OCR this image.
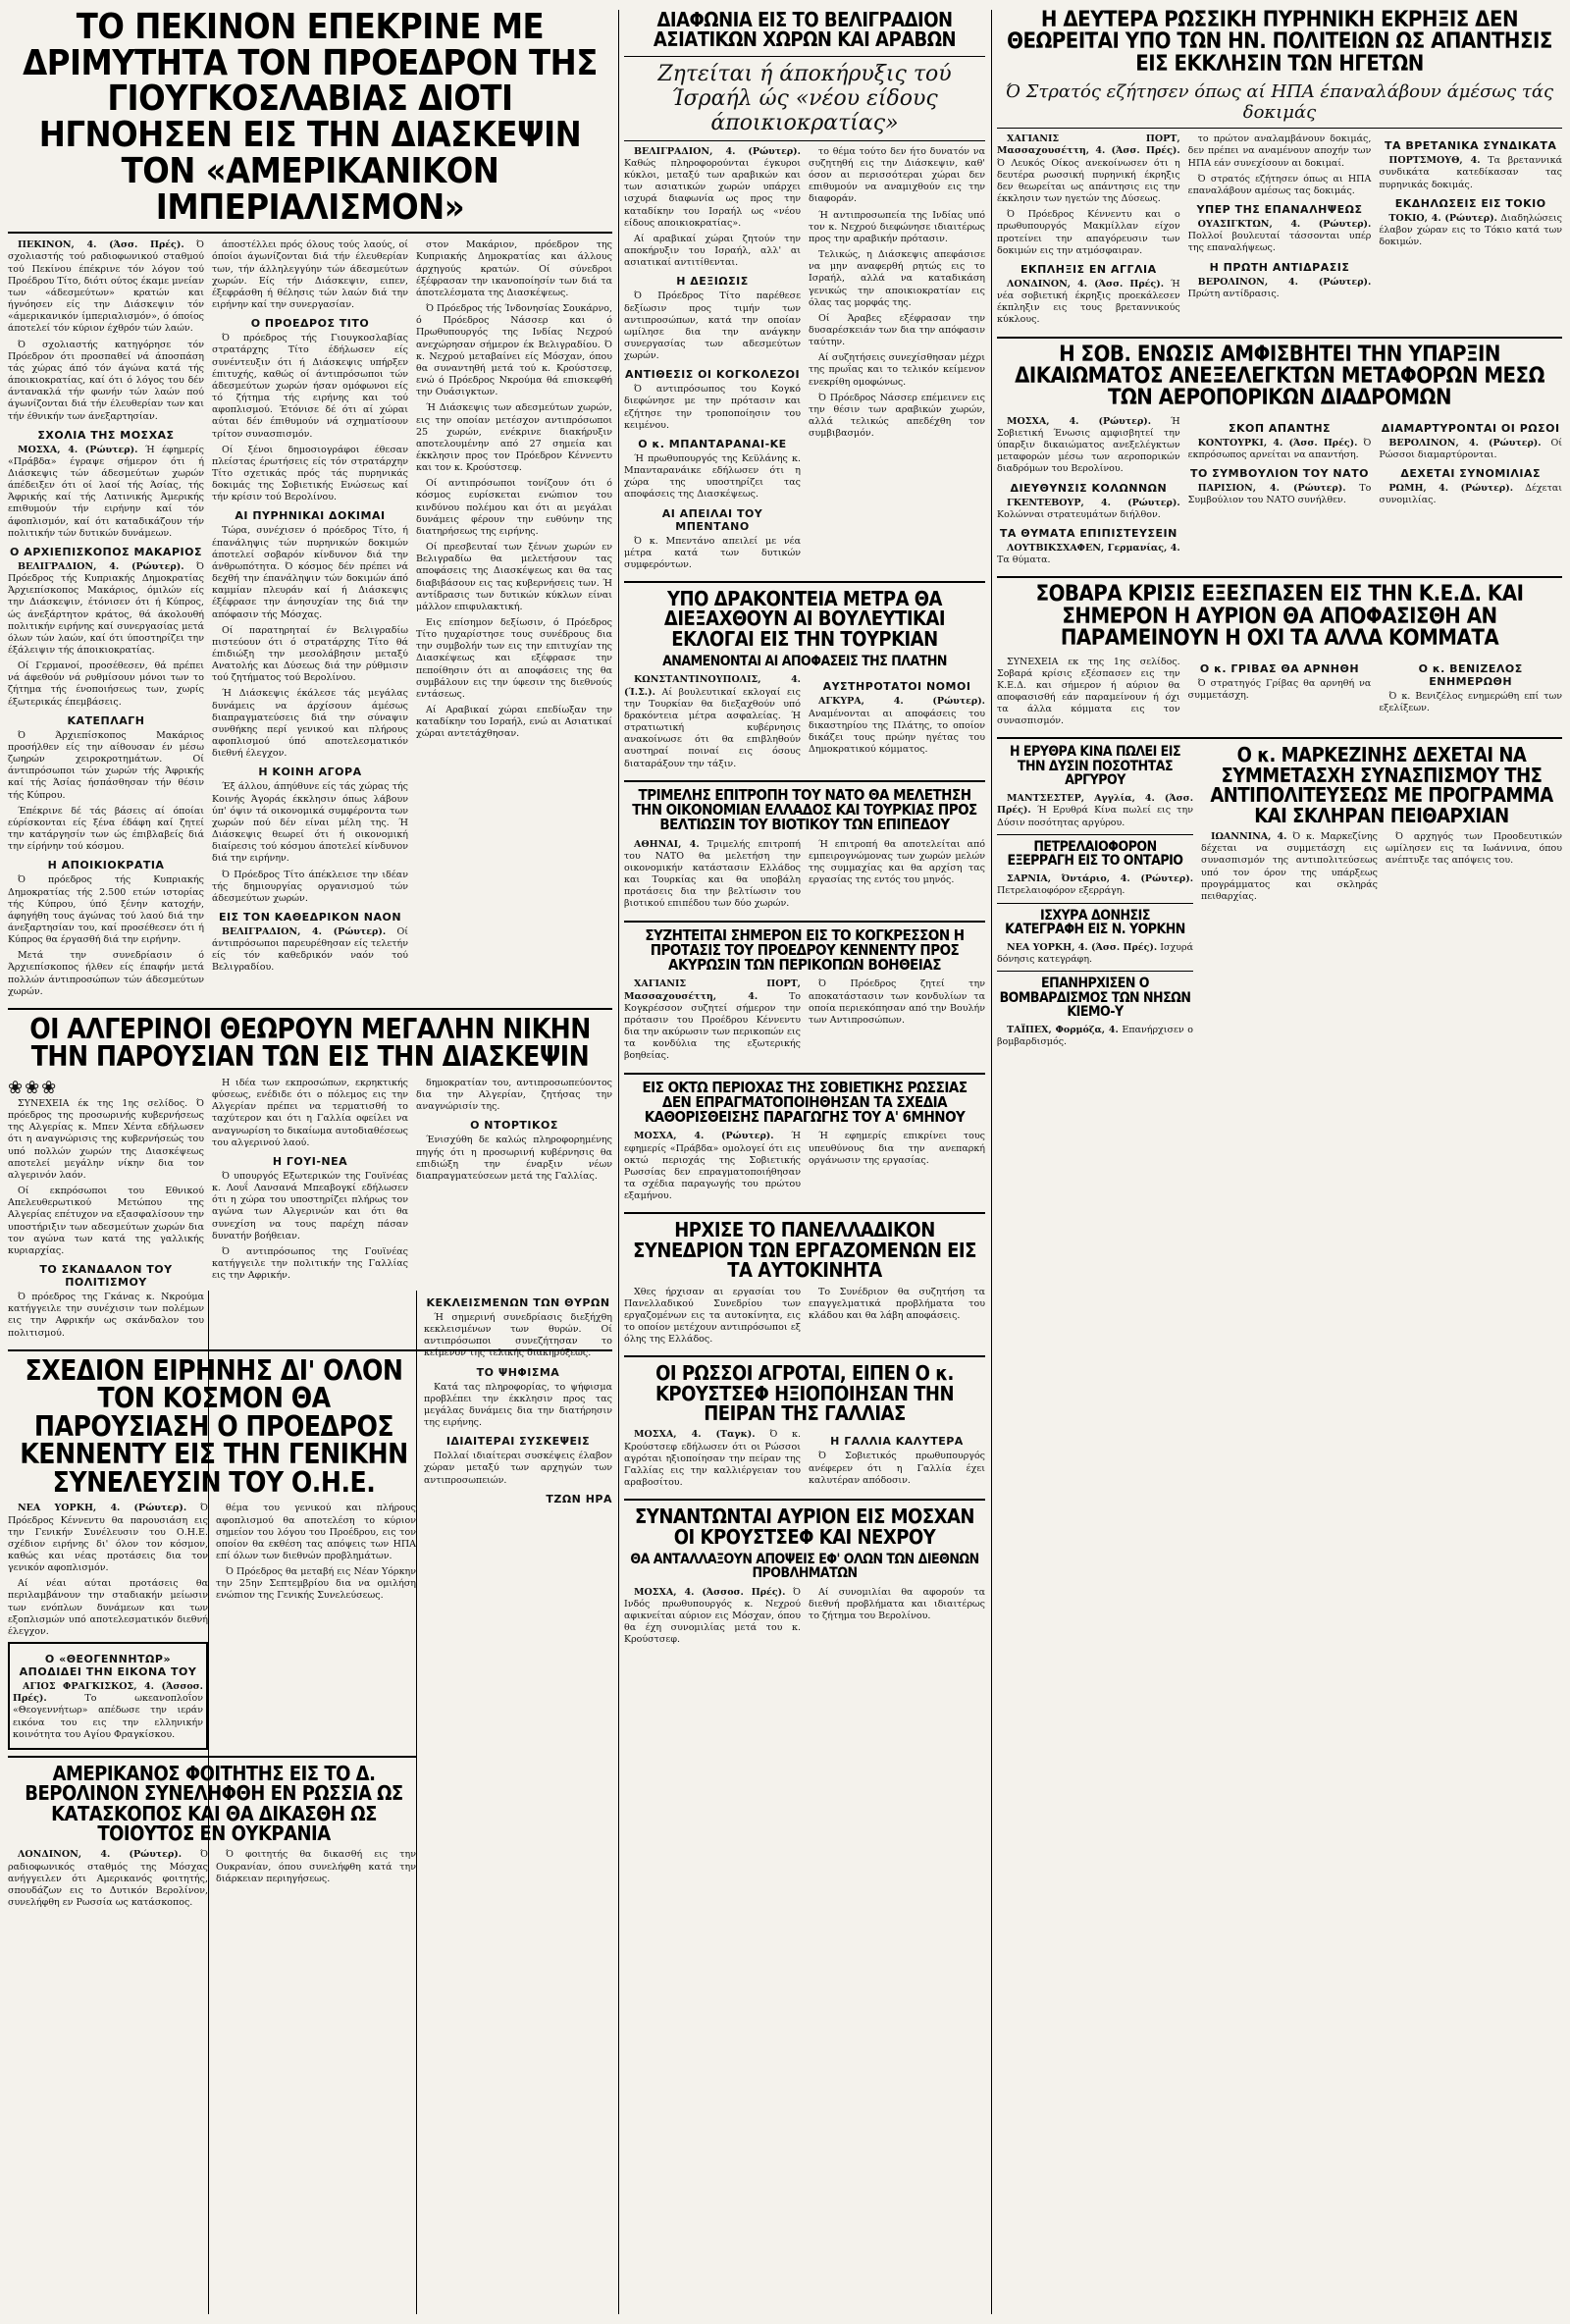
ΤΟ ΠΕΚΙΝΟΝ ΕΠΕΚΡΙΝΕ ΜΕ ΔΡΙΜΥΤΗΤΑ ΤΟΝ ΠΡΟΕΔΡΟΝ ΤΗΣ ΓΙΟΥΓΚΟΣΛΑΒΙΑΣ ΔΙΟΤΙ ΗΓΝΟΗΣΕΝ ΕΙΣ ΤΗΝ ΔΙΑΣΚΕΨΙΝ ΤΟΝ «ΑΜΕΡΙΚΑΝΙΚΟΝ ΙΜΠΕΡΙΑΛΙΣΜΟΝ»

ΠΕΚΙΝΟΝ, 4. (Άσσ. Πρές). Ό σχολιαστής τού ραδιοφωνικού σταθμού τού Πεκίνου έπέκρινε τόν λόγον τού Προέδρου Τίτο, διότι ούτος έκαμε μνείαν των «άδεσμεύτων» κρατών και ήγνόησεν είς την Διάσκεψιν τόν «άμερικανικόν ίμπεριαλισμόν», ό όποίος άποτελεί τόν κύριον έχθρόν τών λαών.

Ό σχολιαστής κατηγόρησε τόν Πρόεδρον ότι προσπαθεί νά άποσπάση τάς χώρας άπό τόν άγώνα κατά τής άποικιοκρατίας, καί ότι ό λόγος του δέν άντανακλά τήν φωνήν τών λαών πού άγωνίζονται διά τήν έλευθερίαν των και τήν έθνικήν των άνεξαρτησίαν.

ΣΧΟΛΙΑ ΤΗΣ ΜΟΣΧΑΣ

ΜΟΣΧΑ, 4. (Ρώυτερ). Ή έφημερίς «Πράβδα» έγραψε σήμερον ότι ή Διάσκεψις τών άδεσμεύτων χωρών άπέδειξεν ότι οί λαοί τής Άσίας, τής Άφρικής καί τής Λατινικής Άμερικής επιθυμούν τήν ειρήνην καί τόν άφοπλισμόν, καί ότι καταδικάζουν τήν πολιτικήν τών δυτικών δυνάμεων.

Ο ΑΡΧΙΕΠΙΣΚΟΠΟΣ ΜΑΚΑΡΙΟΣ

ΒΕΛΙΓΡΑΔΙΟΝ, 4. (Ρώυτερ). Ό Πρόεδρος τής Κυπριακής Δημοκρατίας Άρχιεπίσκοπος Μακάριος, όμιλών είς την Διάσκεψιν, έτόνισεν ότι ή Κύπρος, ώς άνεξάρτητον κράτος, θά άκολουθή πολιτικήν ειρήνης καί συνεργασίας μετά όλων τών λαών, καί ότι ύποστηρίζει την έξάλειψιν τής άποικιοκρατίας.

Οί Γερμανοί, προσέθεσεν, θά πρέπει νά άφεθούν νά ρυθμίσουν μόνοι των το ζήτημα τής ένοποιήσεως των, χωρίς έξωτερικάς έπεμβάσεις.

ΚΑΤΕΠΛΑΓΗ

Ό Άρχιεπίσκοπος Μακάριος προσήλθεν είς την αίθουσαν έν μέσω ζωηρών χειροκροτημάτων. Οί άντιπρόσωποι τών χωρών τής Άφρικής καί τής Άσίας ήσπάσθησαν τήν θέσιν τής Κύπρου.

Έπέκρινε δέ τάς βάσεις αί όποίαι εύρίσκονται είς ξένα έδάφη καί ζητεί την κατάργησίν των ώς έπιβλαβείς διά την είρήνην τού κόσμου.

Η ΑΠΟΙΚΙΟΚΡΑΤΙΑ

Ό πρόεδρος τής Κυπριακής Δημοκρατίας τής 2.500 ετών ιστορίας τής Κύπρου, ύπό ξένην κατοχήν, άφηγήθη τους άγώνας τού λαού διά την άνεξαρτησίαν του, καί προσέθεσεν ότι ή Κύπρος θα έργασθή διά την ειρήνην.

Μετά την συνεδρίασιν ό Άρχιεπίσκοπος ήλθεν είς έπαφήν μετά πολλών άντιπροσώπων τών άδεσμεύτων χωρών.

άποστέλλει πρός όλους τούς λαούς, οί όποίοι άγωνίζονται διά τήν έλευθερίαν των, τήν άλληλεγγύην τών άδεσμεύτων χωρών. Είς τήν Διάσκεψιν, ειπεν, έξεφράσθη ή θέλησις τών λαών διά την ειρήνην καί την συνεργασίαν.

Ο ΠΡΟΕΔΡΟΣ ΤΙΤΟ

Ό πρόεδρος τής Γιουγκοσλαβίας στρατάρχης Τίτο έδήλωσεν είς συνέντευξιν ότι ή Διάσκεψις υπήρξεν έπιτυχής, καθώς οί άντιπρόσωποι τών άδεσμεύτων χωρών ήσαν ομόφωνοι είς τό ζήτημα τής ειρήνης και τού αφοπλισμού. Έτόνισε δέ ότι αί χώραι αύται δέν έπιθυμούν νά σχηματίσουν τρίτον συνασπισμόν.

Οί ξένοι δημοσιογράφοι έθεσαν πλείστας έρωτήσεις είς τόν στρατάρχην Τίτο σχετικάς πρός τάς πυρηνικάς δοκιμάς της Σοβιετικής Ενώσεως καί τήν κρίσιν τού Βερολίνου.

ΑΙ ΠΥΡΗΝΙΚΑΙ ΔΟΚΙΜΑΙ

Τώρα, συνέχισεν ό πρόεδρος Τίτο, ή έπανάληψις τών πυρηνικών δοκιμών άποτελεί σοβαρόν κίνδυνον διά την άνθρωπότητα. Ό κόσμος δέν πρέπει νά δεχθή την έπανάληψιν τών δοκιμών άπό καμμίαν πλευράν καί ή Διάσκεψις έξέφρασε την άνησυχίαν της διά την απόφασιν τής Μόσχας.

Οί παρατηρηταί έν Βελιγραδίω πιστεύουν ότι ό στρατάρχης Τίτο θά έπιδιώξη την μεσολάβησιν μεταξύ Ανατολής και Δύσεως διά την ρύθμισιν τού ζητήματος τού Βερολίνου.

Ή Διάσκεψις έκάλεσε τάς μεγάλας δυνάμεις να άρχίσουν άμέσως διαπραγματεύσεις διά την σύναψιν συνθήκης περί γενικού και πλήρους αφοπλισμού ύπό αποτελεσματικόν διεθνή έλεγχον.

Η ΚΟΙΝΗ ΑΓΟΡΑ

Έξ άλλου, άπηύθυνε είς τάς χώρας τής Κοινής Άγοράς έκκλησιν όπως λάβουν ύπ' όψιν τά οικονομικά συμφέροντα των χωρών πού δέν είναι μέλη της. Ή Διάσκεψις θεωρεί ότι ή οικονομική διαίρεσις τού κόσμου άποτελεί κίνδυνον διά την ειρήνην.

Ό Πρόεδρος Τίτο άπέκλεισε την ιδέαν τής δημιουργίας οργανισμού τών άδεσμεύτων χωρών.

ΕΙΣ ΤΟΝ ΚΑΘΕΔΡΙΚΟΝ ΝΑΟΝ

ΒΕΛΙΓΡΑΔΙΟΝ, 4. (Ρώυτερ). Οί άντιπρόσωποι παρευρέθησαν είς τελετήν είς τόν καθεδρικόν ναόν τού Βελιγραδίου.

στον Μακάριον, πρόεδρον της Κυπριακής Δημοκρατίας και άλλους άρχηγούς κρατών. Οί σύνεδροι έξέφρασαν την ικανοποίησίν των διά τα άποτελέσματα της Διασκέψεως.

Ό Πρόεδρος τής Ίνδονησίας Σουκάρνο, ό Πρόεδρος Νάσσερ και ό Πρωθυπουργός της Ινδίας Νεχρού ανεχώρησαν σήμερον έκ Βελιγραδίου. Ό κ. Νεχρού μεταβαίνει είς Μόσχαν, όπου θα συναντηθή μετά τού κ. Κρούστσεφ, ενώ ό Πρόεδρος Νκρούμα θά επισκεφθή την Ουάσιγκτων.

Ή Διάσκεψις των αδεσμεύτων χωρών, εις την οποίαν μετέσχον αντιπρόσωποι 25 χωρών, ενέκρινε διακήρυξιν αποτελουμένην από 27 σημεία και έκκλησιν προς τον Πρόεδρον Κέννεντυ και τον κ. Κρούστσεφ.

Οί αντιπρόσωποι τονίζουν ότι ό κόσμος ευρίσκεται ενώπιον του κινδύνου πολέμου και ότι αι μεγάλαι δυνάμεις φέρουν την ευθύνην της διατηρήσεως της ειρήνης.

Οί πρεσβευταί των ξένων χωρών εν Βελιγραδίω θα μελετήσουν τας αποφάσεις της Διασκέψεως και θα τας διαβιβάσουν εις τας κυβερνήσεις των. Ή αντίδρασις των δυτικών κύκλων είναι μάλλον επιφυλακτική.

Εις επίσημον δεξίωσιν, ό Πρόεδρος Τίτο ηυχαρίστησε τους συνέδρους δια την συμβολήν των εις την επιτυχίαν της Διασκέψεως και εξέφρασε την πεποίθησιν ότι αι αποφάσεις της θα συμβάλουν εις την ύφεσιν της διεθνούς εντάσεως.

Αί Αραβικαί χώραι επεδίωξαν την καταδίκην του Ισραήλ, ενώ αι Ασιατικαί χώραι αντετάχθησαν.

ΟΙ ΑΛΓΕΡΙΝΟΙ ΘΕΩΡΟΥΝ ΜΕΓΑΛΗΝ ΝΙΚΗΝ ΤΗΝ ΠΑΡΟΥΣΙΑΝ ΤΩΝ ΕΙΣ ΤΗΝ ΔΙΑΣΚΕΨΙΝ
❀❀❀

ΣΥΝΕΧΕΙΑ έκ της 1ης σελίδος. Ό πρόεδρος της προσωρινής κυβερνήσεως της Αλγερίας κ. Μπεν Χέντα εδήλωσεν ότι η αναγνώρισις της κυβερνήσεώς του υπό πολλών χωρών της Διασκέψεως αποτελεί μεγάλην νίκην δια τον αλγερινόν λαόν.

Οί εκπρόσωποι του Εθνικού Απελευθερωτικού Μετώπου της Αλγερίας επέτυχον να εξασφαλίσουν την υποστήριξιν των αδεσμεύτων χωρών δια τον αγώνα των κατά της γαλλικής κυριαρχίας.

ΤΟ ΣΚΑΝΔΑΛΟΝ ΤΟΥ ΠΟΛΙΤΙΣΜΟΥ

Ό πρόεδρος της Γκάνας κ. Νκρούμα κατήγγειλε την συνέχισιν των πολέμων εις την Αφρικήν ως σκάνδαλον του πολιτισμού.

Η ιδέα των εκπροσώπων, εκρηκτικής φύσεως, ενέδιδε ότι ο πόλεμος εις την Αλγερίαν πρέπει να τερματισθή το ταχύτερον και ότι η Γαλλία οφείλει να αναγνωρίση το δικαίωμα αυτοδιαθέσεως του αλγερινού λαού.

Η ΓΟΥΙ-ΝΕΑ

Ό υπουργός Εξωτερικών της Γουϊνέας κ. Λουΐ Λανσανά Μπεαβογκί εδήλωσεν ότι η χώρα του υποστηρίζει πλήρως τον αγώνα των Αλγερινών και ότι θα συνεχίση να τους παρέχη πάσαν δυνατήν βοήθειαν.

Ό αντιπρόσωπος της Γουϊνέας κατήγγειλε την πολιτικήν της Γαλλίας εις την Αφρικήν.

δημοκρατίαν του, αντιπροσωπεύοντος δια την Αλγερίαν, ζητήσας την αναγνώρισίν της.

Ο ΝΤΟΡΤΙΚΟΣ

Ένισχύθη δε καλώς πληροφορημένης πηγής ότι η προσωρινή κυβέρνησις θα επιδιώξη την έναρξιν νέων διαπραγματεύσεων μετά της Γαλλίας.

ΣΧΕΔΙΟΝ ΕΙΡΗΝΗΣ ΔΙ' ΟΛΟΝ ΤΟΝ ΚΟΣΜΟΝ ΘΑ ΠΑΡΟΥΣΙΑΣΗ Ο ΠΡΟΕΔΡΟΣ ΚΕΝΝΕΝΤΥ ΕΙΣ ΤΗΝ ΓΕΝΙΚΗΝ ΣΥΝΕΛΕΥΣΙΝ ΤΟΥ Ο.Η.Ε.

ΝΕΑ ΥΟΡΚΗ, 4. (Ρώυτερ). Ό Πρόεδρος Κέννεντυ θα παρουσιάση εις την Γενικήν Συνέλευσιν του Ο.Η.Ε. σχέδιον ειρήνης δι' όλον τον κόσμον, καθώς και νέας προτάσεις δια τον γενικόν αφοπλισμόν.

Αί νέαι αύται προτάσεις θα περιλαμβάνουν την σταδιακήν μείωσιν των ενόπλων δυνάμεων και των εξοπλισμών υπό αποτελεσματικόν διεθνή έλεγχον.

Ο «ΘΕΟΓΕΝΝΗΤΩΡ» ΑΠΟΔΙΔΕΙ ΤΗΝ ΕΙΚΟΝΑ ΤΟΥ

ΑΓΙΟΣ ΦΡΑΓΚΙΣΚΟΣ, 4. (Άσσοσ. Πρές). Το ωκεανοπλοΐον «Θεογεννήτωρ» απέδωσε την ιεράν εικόνα του εις την ελληνικήν κοινότητα του Αγίου Φραγκίσκου.

θέμα του γενικού και πλήρους αφοπλισμού θα αποτελέση το κύριον σημείον του λόγου του Προέδρου, εις τον οποίον θα εκθέση τας απόψεις των ΗΠΑ επί όλων των διεθνών προβλημάτων.

Ό Πρόεδρος θα μεταβή εις Νέαν Υόρκην την 25ην Σεπτεμβρίου δια να ομιλήση ενώπιον της Γενικής Συνελεύσεως.

ΑΜΕΡΙΚΑΝΟΣ ΦΟΙΤΗΤΗΣ ΕΙΣ ΤΟ Δ. ΒΕΡΟΛΙΝΟΝ ΣΥΝΕΛΗΦΘΗ ΕΝ ΡΩΣΣΙΑ ΩΣ ΚΑΤΑΣΚΟΠΟΣ ΚΑΙ ΘΑ ΔΙΚΑΣΘΗ ΩΣ ΤΟΙΟΥΤΟΣ ΕΝ ΟΥΚΡΑΝΙΑ

ΛΟΝΔΙΝΟΝ, 4. (Ρώυτερ). Ό ραδιοφωνικός σταθμός της Μόσχας ανήγγειλεν ότι Αμερικανός φοιτητής, σπουδάζων εις το Δυτικόν Βερολίνον, συνελήφθη εν Ρωσσία ως κατάσκοπος.

Ό φοιτητής θα δικασθή εις την Ουκρανίαν, όπου συνελήφθη κατά την διάρκειαν περιηγήσεως.

ΚΕΚΛΕΙΣΜΕΝΩΝ ΤΩΝ ΘΥΡΩΝ

Ή σημερινή συνεδρίασις διεξήχθη κεκλεισμένων των θυρών. Οί αντιπρόσωποι συνεζήτησαν το κείμενον της τελικής διακηρύξεως.

ΤΟ ΨΗΦΙΣΜΑ

Κατά τας πληροφορίας, το ψήφισμα προβλέπει την έκκλησιν προς τας μεγάλας δυνάμεις δια την διατήρησιν της ειρήνης.

ΙΔΙΑΙΤΕΡΑΙ ΣΥΣΚΕΨΕΙΣ

Πολλαί ιδιαίτεραι συσκέψεις έλαβον χώραν μεταξύ των αρχηγών των αντιπροσωπειών.

ΤΖΩΝ ΗΡΑ
ΔΙΑΦΩΝΙΑ ΕΙΣ ΤΟ ΒΕΛΙΓΡΑΔΙΟΝ ΑΣΙΑΤΙΚΩΝ ΧΩΡΩΝ ΚΑΙ ΑΡΑΒΩΝ
Ζητείται ή άποκήρυξις τού Ίσραήλ ώς «νέου είδους άποικιοκρατίας»

ΒΕΛΙΓΡΑΔΙΟΝ, 4. (Ρώυτερ). Καθώς πληροφορούνται έγκυροι κύκλοι, μεταξύ των αραβικών και των ασιατικών χωρών υπάρχει ισχυρά διαφωνία ως προς την καταδίκην του Ισραήλ ως «νέου είδους αποικιοκρατίας».

Αί αραβικαί χώραι ζητούν την αποκήρυξιν του Ισραήλ, αλλ' αι ασιατικαί αντιτίθενται.

Η ΔΕΞΙΩΣΙΣ

Ό Πρόεδρος Τίτο παρέθεσε δεξίωσιν προς τιμήν των αντιπροσώπων, κατά την οποίαν ωμίλησε δια την ανάγκην συνεργασίας των αδεσμεύτων χωρών.

ΑΝΤΙΘΕΣΙΣ ΟΙ ΚΟΓΚΟΛΕΖΟΙ

Ό αντιπρόσωπος του Κογκό διεφώνησε με την πρότασιν και εζήτησε την τροποποίησιν του κειμένου.

Ο κ. ΜΠΑΝΤΑΡΑΝΑΙ-ΚΕ

Ή πρωθυπουργός της Κεϋλάνης κ. Μπανταρανάικε εδήλωσεν ότι η χώρα της υποστηρίζει τας αποφάσεις της Διασκέψεως.

ΑΙ ΑΠΕΙΛΑΙ ΤΟΥ ΜΠΕΝΤΑΝΟ

Ό κ. Μπεντάνο απειλεί με νέα μέτρα κατά των δυτικών συμφερόντων.

το θέμα τούτο δεν ήτο δυνατόν να συζητηθή εις την Διάσκεψιν, καθ' όσον αι περισσότεραι χώραι δεν επιθυμούν να αναμιχθούν εις την διαφοράν.

Ή αντιπροσωπεία της Ινδίας υπό τον κ. Νεχρού διεφώνησε ιδιαιτέρως προς την αραβικήν πρότασιν.

Τελικώς, η Διάσκεψις απεφάσισε να μην αναφερθή ρητώς εις το Ισραήλ, αλλά να καταδικάση γενικώς την αποικιοκρατίαν εις όλας τας μορφάς της.

Οί Άραβες εξέφρασαν την δυσαρέσκειάν των δια την απόφασιν ταύτην.

Αί συζητήσεις συνεχίσθησαν μέχρι της πρωΐας και το τελικόν κείμενον ενεκρίθη ομοφώνως.

Ό Πρόεδρος Νάσσερ επέμεινεν εις την θέσιν των αραβικών χωρών, αλλά τελικώς απεδέχθη τον συμβιβασμόν.

ΥΠΟ ΔΡΑΚΟΝΤΕΙΑ ΜΕΤΡΑ ΘΑ ΔΙΕΞΑΧΘΟΥΝ ΑΙ ΒΟΥΛΕΥΤΙΚΑΙ ΕΚΛΟΓΑΙ ΕΙΣ ΤΗΝ ΤΟΥΡΚΙΑΝ
ΑΝΑΜΕΝΟΝΤΑΙ ΑΙ ΑΠΟΦΑΣΕΙΣ ΤΗΣ ΠΛΑΤΗΝ

ΚΩΝΣΤΑΝΤΙΝΟΥΠΟΛΙΣ, 4. (Ί.Σ.). Αί βουλευτικαί εκλογαί εις την Τουρκίαν θα διεξαχθούν υπό δρακόντεια μέτρα ασφαλείας. Ή στρατιωτική κυβέρνησις ανακοίνωσε ότι θα επιβληθούν αυστηραί ποιναί εις όσους διαταράξουν την τάξιν.

ΑΥΣΤΗΡΟΤΑΤΟΙ ΝΟΜΟΙ

ΑΓΚΥΡΑ, 4. (Ρώυτερ). Αναμένονται αι αποφάσεις του δικαστηρίου της Πλάτης, το οποίον δικάζει τους πρώην ηγέτας του Δημοκρατικού κόμματος.

ΤΡΙΜΕΛΗΣ ΕΠΙΤΡΟΠΗ ΤΟΥ ΝΑΤΟ ΘΑ ΜΕΛΕΤΗΣΗ ΤΗΝ ΟΙΚΟΝΟΜΙΑΝ ΕΛΛΑΔΟΣ ΚΑΙ ΤΟΥΡΚΙΑΣ ΠΡΟΣ ΒΕΛΤΙΩΣΙΝ ΤΟΥ ΒΙΟΤΙΚΟΥ ΤΩΝ ΕΠΙΠΕΔΟΥ

ΑΘΗΝΑΙ, 4. Τριμελής επιτροπή του ΝΑΤΟ θα μελετήση την οικονομικήν κατάστασιν Ελλάδος και Τουρκίας και θα υποβάλη προτάσεις δια την βελτίωσιν του βιοτικού επιπέδου των δύο χωρών.

Ή επιτροπή θα αποτελείται από εμπειρογνώμονας των χωρών μελών της συμμαχίας και θα αρχίση τας εργασίας της εντός του μηνός.

ΣΥΖΗΤΕΙΤΑΙ ΣΗΜΕΡΟΝ ΕΙΣ ΤΟ ΚΟΓΚΡΕΣΣΟΝ Η ΠΡΟΤΑΣΙΣ ΤΟΥ ΠΡΟΕΔΡΟΥ ΚΕΝΝΕΝΤΥ ΠΡΟΣ ΑΚΥΡΩΣΙΝ ΤΩΝ ΠΕΡΙΚΟΠΩΝ ΒΟΗΘΕΙΑΣ

ΧΑΓΙΑΝΙΣ ΠΟΡΤ, Μασσαχουσέττη, 4. Το Κογκρέσσον συζητεί σήμερον την πρότασιν του Προέδρου Κέννεντυ δια την ακύρωσιν των περικοπών εις τα κονδύλια της εξωτερικής βοηθείας.

Ό Πρόεδρος ζητεί την αποκατάστασιν των κονδυλίων τα οποία περιεκόπησαν από την Βουλήν των Αντιπροσώπων.

ΕΙΣ ΟΚΤΩ ΠΕΡΙΟΧΑΣ ΤΗΣ ΣΟΒΙΕΤΙΚΗΣ ΡΩΣΣΙΑΣ ΔΕΝ ΕΠΡΑΓΜΑΤΟΠΟΙΗΘΗΣΑΝ ΤΑ ΣΧΕΔΙΑ ΚΑΘΟΡΙΣΘΕΙΣΗΣ ΠΑΡΑΓΩΓΗΣ ΤΟΥ Α' 6ΜΗΝΟΥ

ΜΟΣΧΑ, 4. (Ρώυτερ). Ή εφημερίς «Πράβδα» ομολογεί ότι εις οκτώ περιοχάς της Σοβιετικής Ρωσσίας δεν επραγματοποιήθησαν τα σχέδια παραγωγής του πρώτου εξαμήνου.

Ή εφημερίς επικρίνει τους υπευθύνους δια την ανεπαρκή οργάνωσιν της εργασίας.

ΗΡΧΙΣΕ ΤΟ ΠΑΝΕΛΛΑΔΙΚΟΝ ΣΥΝΕΔΡΙΟΝ ΤΩΝ ΕΡΓΑΖΟΜΕΝΩΝ ΕΙΣ ΤΑ ΑΥΤΟΚΙΝΗΤΑ

Χθες ήρχισαν αι εργασίαι του Πανελλαδικού Συνεδρίου των εργαζομένων εις τα αυτοκίνητα, εις το οποίον μετέχουν αντιπρόσωποι εξ όλης της Ελλάδος.

Το Συνέδριον θα συζητήση τα επαγγελματικά προβλήματα του κλάδου και θα λάβη αποφάσεις.

ΟΙ ΡΩΣΣΟΙ ΑΓΡΟΤΑΙ, ΕΙΠΕΝ Ο κ. ΚΡΟΥΣΤΣΕΦ ΗΞΙΟΠΟΙΗΣΑΝ ΤΗΝ ΠΕΙΡΑΝ ΤΗΣ ΓΑΛΛΙΑΣ

ΜΟΣΧΑ, 4. (Ταγκ). Ό κ. Κρούστσεφ εδήλωσεν ότι οι Ρώσσοι αγρόται ηξιοποίησαν την πείραν της Γαλλίας εις την καλλιέργειαν του αραβοσίτου.

Η ΓΑΛΛΙΑ ΚΑΛΥΤΕΡΑ

Ό Σοβιετικός πρωθυπουργός ανέφερεν ότι η Γαλλία έχει καλυτέραν απόδοσιν.

ΣΥΝΑΝΤΩΝΤΑΙ ΑΥΡΙΟΝ ΕΙΣ ΜΟΣΧΑΝ ΟΙ ΚΡΟΥΣΤΣΕΦ ΚΑΙ ΝΕΧΡΟΥ
ΘΑ ΑΝΤΑΛΛΑΞΟΥΝ ΑΠΟΨΕΙΣ ΕΦ' ΟΛΩΝ ΤΩΝ ΔΙΕΘΝΩΝ ΠΡΟΒΛΗΜΑΤΩΝ

ΜΟΣΧΑ, 4. (Άσσοσ. Πρές). Ό Ινδός πρωθυπουργός κ. Νεχρού αφικνείται αύριον εις Μόσχαν, όπου θα έχη συνομιλίας μετά του κ. Κρούστσεφ.

Αί συνομιλίαι θα αφορούν τα διεθνή προβλήματα και ιδιαιτέρως το ζήτημα του Βερολίνου.

Η ΔΕΥΤΕΡΑ ΡΩΣΣΙΚΗ ΠΥΡΗΝΙΚΗ ΕΚΡΗΞΙΣ ΔΕΝ ΘΕΩΡΕΙΤΑΙ ΥΠΟ ΤΩΝ ΗΝ. ΠΟΛΙΤΕΙΩΝ ΩΣ ΑΠΑΝΤΗΣΙΣ ΕΙΣ ΕΚΚΛΗΣΙΝ ΤΩΝ ΗΓΕΤΩΝ
Ό Στρατός εζήτησεν όπως αί ΗΠΑ έπαναλάβουν άμέσως τάς δοκιμάς

ΧΑΓΙΑΝΙΣ ΠΟΡΤ, Μασσαχουσέττη, 4. (Άσσ. Πρές). Ό Λευκός Οίκος ανεκοίνωσεν ότι η δευτέρα ρωσσική πυρηνική έκρηξις δεν θεωρείται ως απάντησις εις την έκκλησιν των ηγετών της Δύσεως.

Ό Πρόεδρος Κέννεντυ και ο πρωθυπουργός Μακμίλλαν είχον προτείνει την απαγόρευσιν των δοκιμών εις την ατμόσφαιραν.

ΕΚΠΛΗΞΙΣ ΕΝ ΑΓΓΛΙΑ

ΛΟΝΔΙΝΟΝ, 4. (Άσσ. Πρές). Ή νέα σοβιετική έκρηξις προεκάλεσεν έκπληξιν εις τους βρεταννικούς κύκλους.

το πρώτον αναλαμβάνουν δοκιμάς, δεν πρέπει να αναμένουν αποχήν των ΗΠΑ εάν συνεχίσουν αι δοκιμαί.

Ό στρατός εζήτησεν όπως αι ΗΠΑ επαναλάβουν αμέσως τας δοκιμάς.

ΥΠΕΡ ΤΗΣ ΕΠΑΝΑΛΗΨΕΩΣ

ΟΥΑΣΙΓΚΤΩΝ, 4. (Ρώυτερ). Πολλοί βουλευταί τάσσονται υπέρ της επαναλήψεως.

Η ΠΡΩΤΗ ΑΝΤΙΔΡΑΣΙΣ

ΒΕΡΟΛΙΝΟΝ, 4. (Ρώυτερ). Πρώτη αντίδρασις.

ΤΑ ΒΡΕΤΑΝΙΚΑ ΣΥΝΔΙΚΑΤΑ

ΠΟΡΤΣΜΟΥΘ, 4. Τα βρεταννικά συνδικάτα κατεδίκασαν τας πυρηνικάς δοκιμάς.

ΕΚΔΗΛΩΣΕΙΣ ΕΙΣ ΤΟΚΙΟ

ΤΟΚΙΟ, 4. (Ρώυτερ). Διαδηλώσεις έλαβον χώραν εις το Τόκιο κατά των δοκιμών.

Η ΣΟΒ. ΕΝΩΣΙΣ ΑΜΦΙΣΒΗΤΕΙ ΤΗΝ ΥΠΑΡΞΙΝ ΔΙΚΑΙΩΜΑΤΟΣ ΑΝΕΞΕΛΕΓΚΤΩΝ ΜΕΤΑΦΟΡΩΝ ΜΕΣΩ ΤΩΝ ΑΕΡΟΠΟΡΙΚΩΝ ΔΙΑΔΡΟΜΩΝ

ΜΟΣΧΑ, 4. (Ρώυτερ). Ή Σοβιετική Ένωσις αμφισβητεί την ύπαρξιν δικαιώματος ανεξελέγκτων μεταφορών μέσω των αεροπορικών διαδρόμων του Βερολίνου.

ΔΙΕΥΘΥΝΣΙΣ ΚΟΛΩΝΝΩΝ

ΓΚΕΝΤΕΒΟΥΡ, 4. (Ρώυτερ). Κολώνναι στρατευμάτων διήλθον.

ΤΑ ΘΥΜΑΤΑ ΕΠΙΠΙΣΤΕΥΣΕΙΝ

ΛΟΥΤΒΙΚΣΧΑΦΕΝ, Γερμανίας, 4. Τα θύματα.

ΣΚΟΠ ΑΠΑΝΤΗΣ

ΚΟΝΤΟΥΡΚΙ, 4. (Άσσ. Πρές). Ό εκπρόσωπος αρνείται να απαντήση.

ΤΟ ΣΥΜΒΟΥΛΙΟΝ ΤΟΥ ΝΑΤΟ

ΠΑΡΙΣΙΟΝ, 4. (Ρώυτερ). Το Συμβούλιον του ΝΑΤΟ συνήλθεν.

ΔΙΑΜΑΡΤΥΡΟΝΤΑΙ ΟΙ ΡΩΣΟΙ

ΒΕΡΟΛΙΝΟΝ, 4. (Ρώυτερ). Οί Ρώσσοι διαμαρτύρονται.

ΔΕΧΕΤΑΙ ΣΥΝΟΜΙΛΙΑΣ

ΡΩΜΗ, 4. (Ρώυτερ). Δέχεται συνομιλίας.

ΣΟΒΑΡΑ ΚΡΙΣΙΣ ΕΞΕΣΠΑΣΕΝ ΕΙΣ ΤΗΝ Κ.Ε.Δ. ΚΑΙ ΣΗΜΕΡΟΝ Η ΑΥΡΙΟΝ ΘΑ ΑΠΟΦΑΣΙΣΘΗ ΑΝ ΠΑΡΑΜΕΙΝΟΥΝ Η ΟΧΙ ΤΑ ΑΛΛΑ ΚΟΜΜΑΤΑ

ΣΥΝΕΧΕΙΑ εκ της 1ης σελίδος. Σοβαρά κρίσις εξέσπασεν εις την Κ.Ε.Δ. και σήμερον ή αύριον θα αποφασισθή εάν παραμείνουν ή όχι τα άλλα κόμματα εις τον συνασπισμόν.

Ο κ. ΓΡΙΒΑΣ ΘΑ ΑΡΝΗΘΗ

Ό στρατηγός Γρίβας θα αρνηθή να συμμετάσχη.

Ο κ. ΒΕΝΙΖΕΛΟΣ ΕΝΗΜΕΡΩΘΗ

Ό κ. Βενιζέλος ενημερώθη επί των εξελίξεων.

Η ΕΡΥΘΡΑ ΚΙΝΑ ΠΩΛΕΙ ΕΙΣ ΤΗΝ ΔΥΣΙΝ ΠΟΣΟΤΗΤΑΣ ΑΡΓΥΡΟΥ

ΜΑΝΤΣΕΣΤΕΡ, Αγγλία, 4. (Άσσ. Πρές). Ή Ερυθρά Κίνα πωλεί εις την Δύσιν ποσότητας αργύρου.

ΠΕΤΡΕΛΑΙΟΦΟΡΟΝ ΕΞΕΡΡΑΓΗ ΕΙΣ ΤΟ ΟΝΤΑΡΙΟ

ΣΑΡΝΙΑ, Όντάριο, 4. (Ρώυτερ). Πετρελαιοφόρον εξερράγη.

ΙΣΧΥΡΑ ΔΟΝΗΣΙΣ ΚΑΤΕΓΡΑΦΗ ΕΙΣ Ν. ΥΟΡΚΗΝ

ΝΕΑ ΥΟΡΚΗ, 4. (Άσσ. Πρές). Ισχυρά δόνησις κατεγράφη.

ΕΠΑΝΗΡΧΙΣΕΝ Ο ΒΟΜΒΑΡΔΙΣΜΟΣ ΤΩΝ ΝΗΣΩΝ ΚΙΕΜΟ-Υ

ΤΑΪΠΕΧ, Φορμόζα, 4. Επανήρχισεν ο βομβαρδισμός.

Ο κ. ΜΑΡΚΕΖΙΝΗΣ ΔΕΧΕΤΑΙ ΝΑ ΣΥΜΜΕΤΑΣΧΗ ΣΥΝΑΣΠΙΣΜΟΥ ΤΗΣ ΑΝΤΙΠΟΛΙΤΕΥΣΕΩΣ ΜΕ ΠΡΟΓΡΑΜΜΑ ΚΑΙ ΣΚΛΗΡΑΝ ΠΕΙΘΑΡΧΙΑΝ

ΙΩΑΝΝΙΝΑ, 4. Ό κ. Μαρκεζίνης δέχεται να συμμετάσχη εις συνασπισμόν της αντιπολιτεύσεως υπό τον όρον της υπάρξεως προγράμματος και σκληράς πειθαρχίας.

Ό αρχηγός των Προοδευτικών ωμίλησεν εις τα Ιωάννινα, όπου ανέπτυξε τας απόψεις του.
